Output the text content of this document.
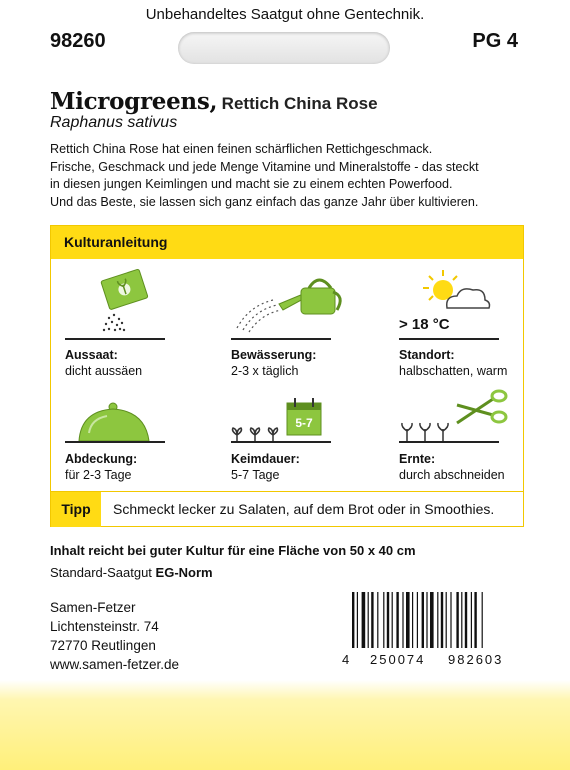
Unbehandeltes Saatgut ohne Gentechnik.
98260	PG 4
Microgreens, Rettich China Rose
Raphanus sativus

Rettich China Rose hat einen feinen schärflichen Rettichgeschmack.

Frische, Geschmack und jede Menge Vitamine und Mineralstoffe - das steckt

in diesen jungen Keimlingen und macht sie zu einem echten Powerfood.

Und das Beste, sie lassen sich ganz einfach das ganze Jahr über kultivieren.

Kulturanleitung
Aussaat:
dicht aussäen
Bewässerung:
2-3 x täglich
> 18 °C
Standort:
halbschatten, warm
Abdeckung:
für 2-3 Tage
5-7
Keimdauer:
5-7 Tage
Ernte:
durch abschneiden
Tipp	Schmeckt lecker zu Salaten, auf dem Brot oder in Smoothies.
Inhalt reicht bei guter Kultur für eine Fläche von 50 x 40 cm
Standard-Saatgut EG-Norm
Samen-Fetzer
Lichtensteinstr. 74
72770 Reutlingen
www.samen-fetzer.de	4 250074 982603
